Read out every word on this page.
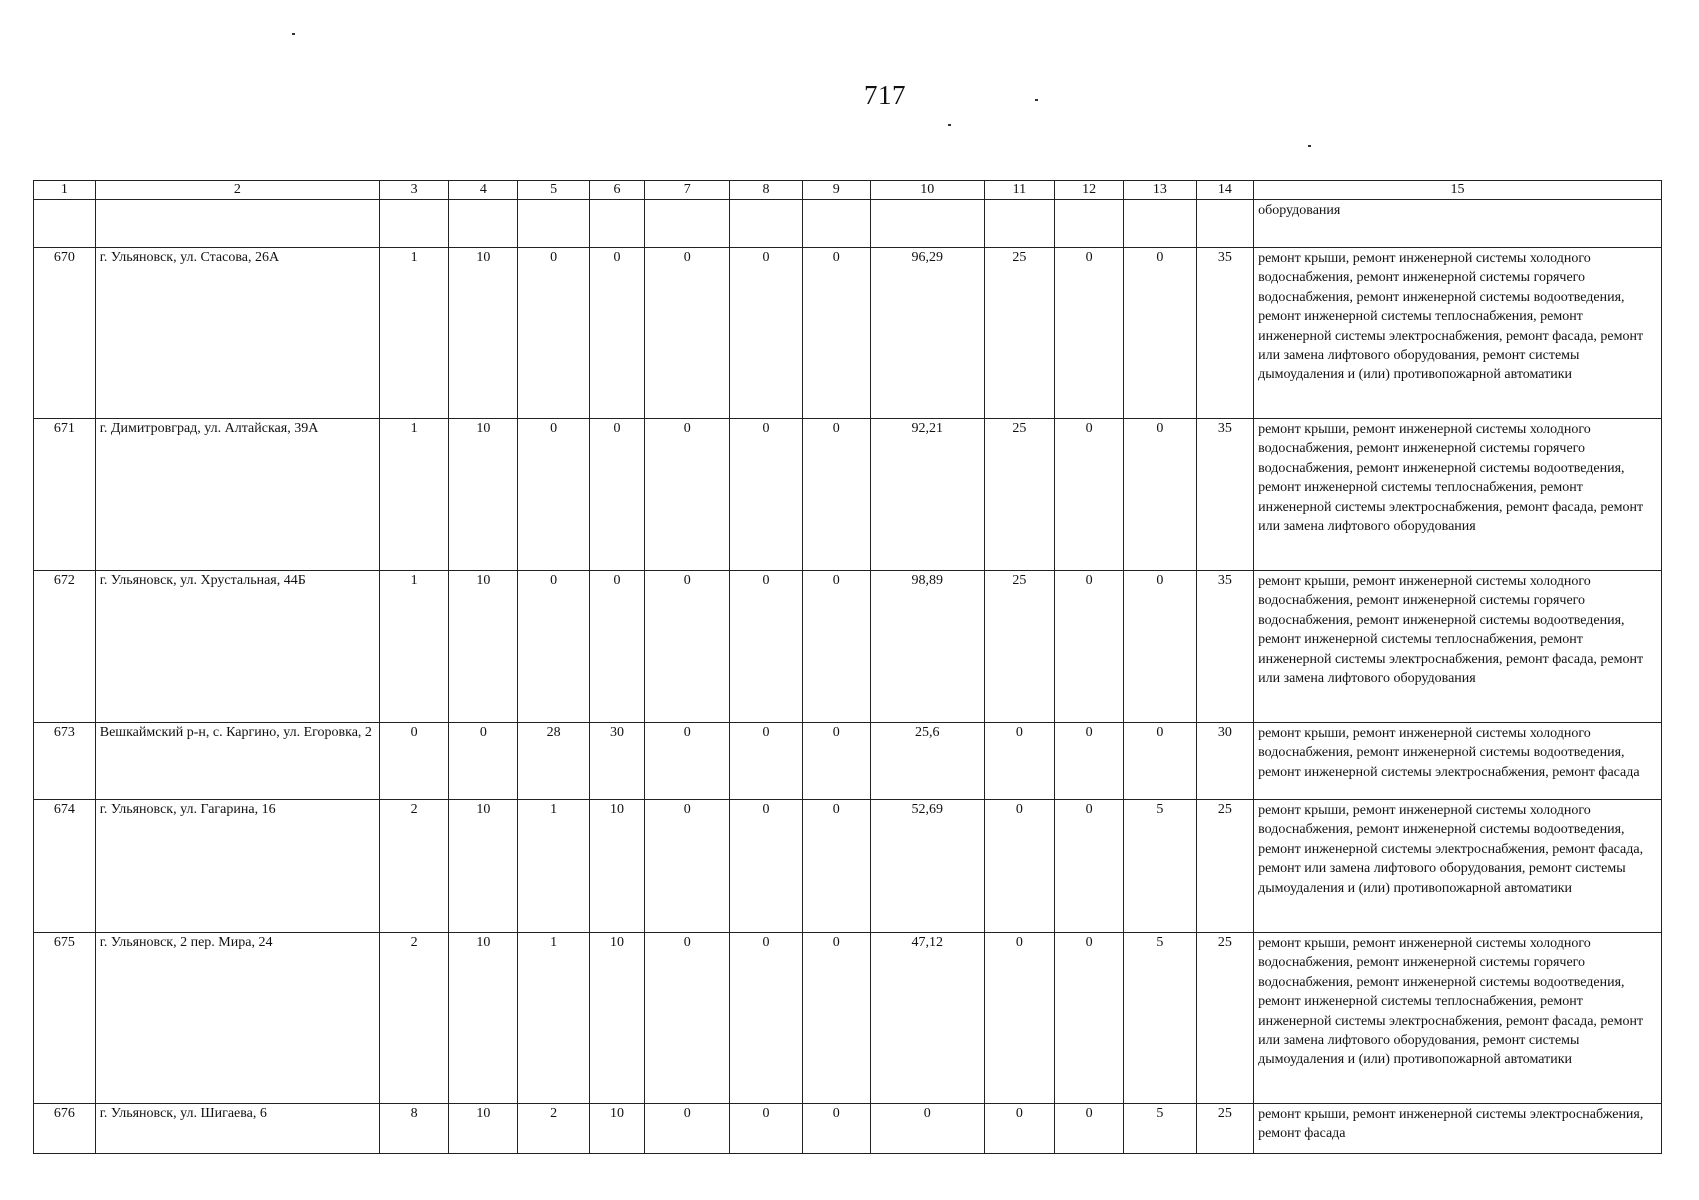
717
1	2	3	4	5	6	7	8	9	10	11	12	13	14	15
														оборудования
670	г. Ульяновск, ул. Стасова, 26А	1	10	0	0	0	0	0	96,29	25	0	0	35	ремонт крыши, ремонт инженерной системы холодного водоснабжения, ремонт инженерной системы горячего водоснабжения, ремонт инженерной системы водоотведения, ремонт инженерной системы теплоснабжения, ремонт инженерной системы электроснабжения, ремонт фасада, ремонт или замена лифтового оборудования, ремонт системы дымоудаления и (или) противопожарной автоматики
671	г. Димитровград, ул. Алтайская, 39А	1	10	0	0	0	0	0	92,21	25	0	0	35	ремонт крыши, ремонт инженерной системы холодного водоснабжения, ремонт инженерной системы горячего водоснабжения, ремонт инженерной системы водоотведения, ремонт инженерной системы теплоснабжения, ремонт инженерной системы электроснабжения, ремонт фасада, ремонт или замена лифтового оборудования
672	г. Ульяновск, ул. Хрустальная, 44Б	1	10	0	0	0	0	0	98,89	25	0	0	35	ремонт крыши, ремонт инженерной системы холодного водоснабжения, ремонт инженерной системы горячего водоснабжения, ремонт инженерной системы водоотведения, ремонт инженерной системы теплоснабжения, ремонт инженерной системы электроснабжения, ремонт фасада, ремонт или замена лифтового оборудования
673	Вешкаймский р-н, с. Каргино, ул. Егоровка, 2	0	0	28	30	0	0	0	25,6	0	0	0	30	ремонт крыши, ремонт инженерной системы холодного водоснабжения, ремонт инженерной системы водоотведения, ремонт инженерной системы электроснабжения, ремонт фасада
674	г. Ульяновск, ул. Гагарина, 16	2	10	1	10	0	0	0	52,69	0	0	5	25	ремонт крыши, ремонт инженерной системы холодного водоснабжения, ремонт инженерной системы водоотведения, ремонт инженерной системы электроснабжения, ремонт фасада, ремонт или замена лифтового оборудования, ремонт системы дымоудаления и (или) противопожарной автоматики
675	г. Ульяновск, 2 пер. Мира, 24	2	10	1	10	0	0	0	47,12	0	0	5	25	ремонт крыши, ремонт инженерной системы холодного водоснабжения, ремонт инженерной системы горячего водоснабжения, ремонт инженерной системы водоотведения, ремонт инженерной системы теплоснабжения, ремонт инженерной системы электроснабжения, ремонт фасада, ремонт или замена лифтового оборудования, ремонт системы дымоудаления и (или) противопожарной автоматики
676	г. Ульяновск, ул. Шигаева, 6	8	10	2	10	0	0	0	0	0	0	5	25	ремонт крыши, ремонт инженерной системы электроснабжения, ремонт фасада
